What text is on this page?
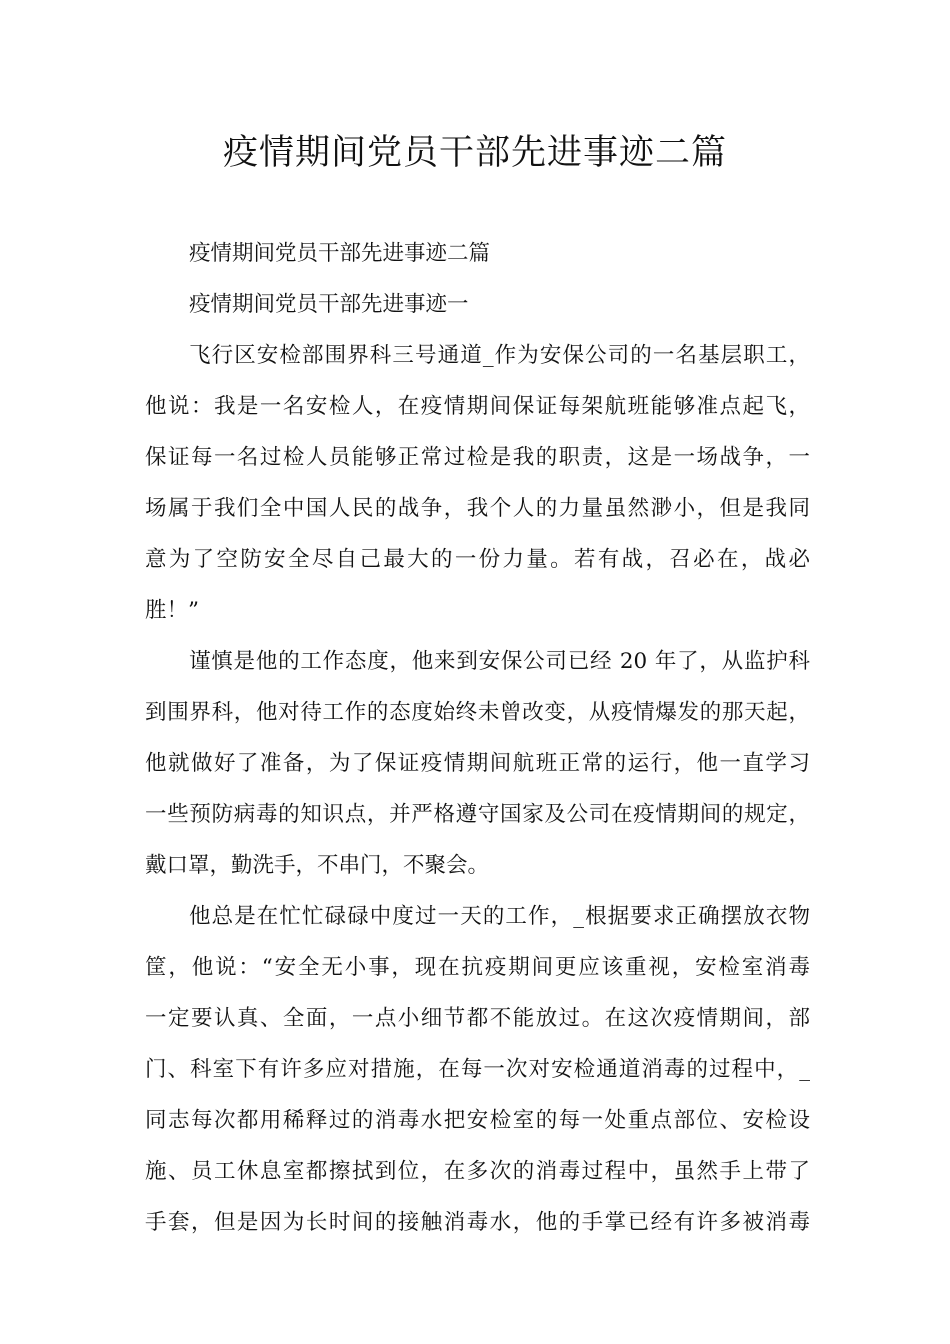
疫情期间党员干部先进事迹二篇

疫情期间党员干部先进事迹二篇

疫情期间党员干部先进事迹一

飞行区安检部围界科三号通道_作为安保公司的一名基层职工，
他说：我是一名安检人，在疫情期间保证每架航班能够准点起飞，
保证每一名过检人员能够正常过检是我的职责，这是一场战争，一
场属于我们全中国人民的战争，我个人的力量虽然渺小，但是我同
意为了空防安全尽自己最大的一份力量。若有战，召必在，战必
胜！”

谨慎是他的工作态度，他来到安保公司已经 20 年了，从监护科
到围界科，他对待工作的态度始终未曾改变，从疫情爆发的那天起，
他就做好了准备，为了保证疫情期间航班正常的运行，他一直学习
一些预防病毒的知识点，并严格遵守国家及公司在疫情期间的规定，
戴口罩，勤洗手，不串门，不聚会。

他总是在忙忙碌碌中度过一天的工作，_根据要求正确摆放衣物
筐，他说：“安全无小事，现在抗疫期间更应该重视，安检室消毒
一定要认真、全面，一点小细节都不能放过。在这次疫情期间，部
门、科室下有许多应对措施，在每一次对安检通道消毒的过程中，_
同志每次都用稀释过的消毒水把安检室的每一处重点部位、安检设
施、员工休息室都擦拭到位，在多次的消毒过程中，虽然手上带了
手套，但是因为长时间的接触消毒水，他的手掌已经有许多被消毒
